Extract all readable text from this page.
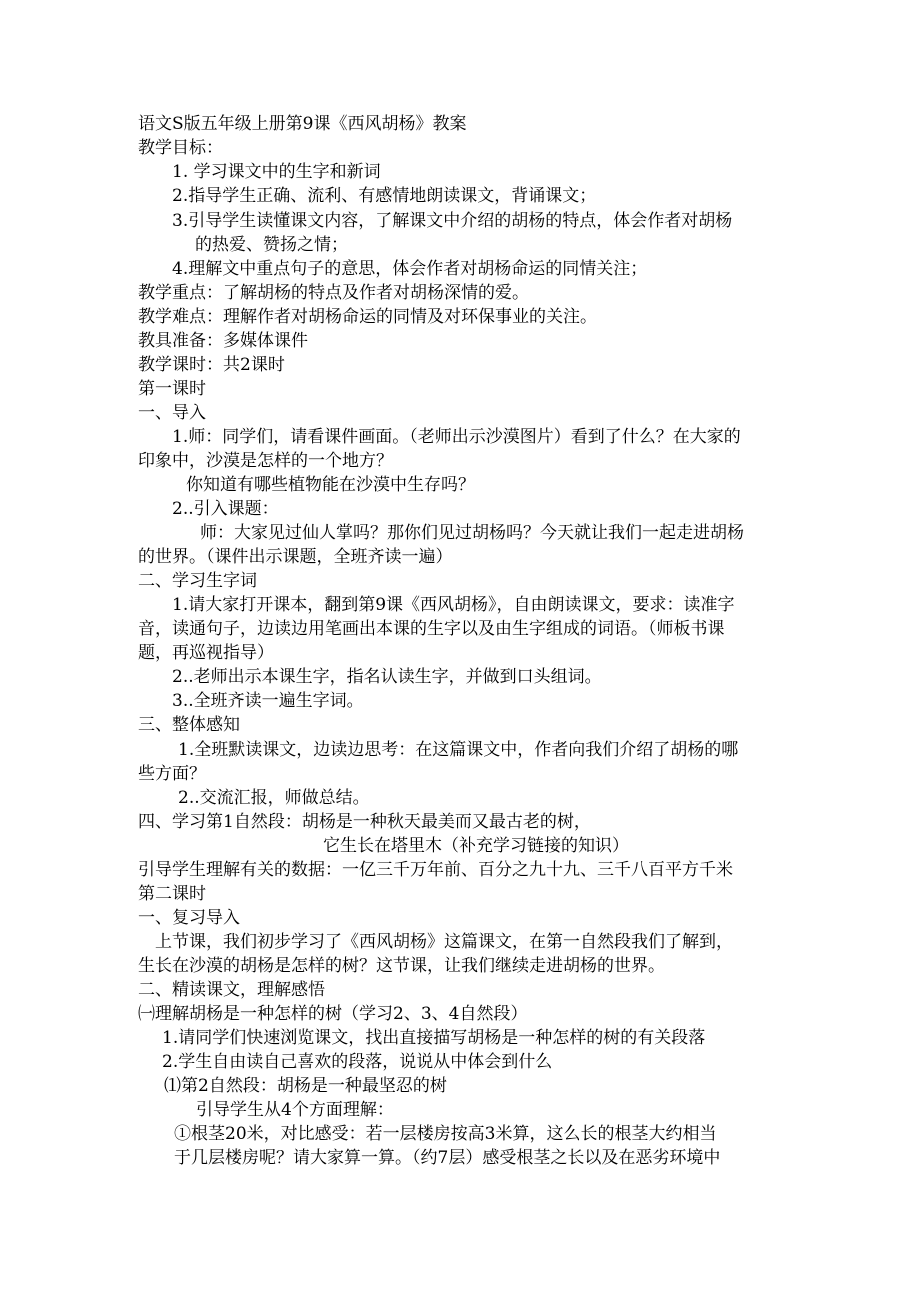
语文S版五年级上册第9课《西风胡杨》教案
教学目标：
1. 学习课文中的生字和新词
2.指导学生正确、流利、有感情地朗读课文，背诵课文；
3.引导学生读懂课文内容，了解课文中介绍的胡杨的特点，体会作者对胡杨
的热爱、赞扬之情；
4.理解文中重点句子的意思，体会作者对胡杨命运的同情关注；
教学重点：了解胡杨的特点及作者对胡杨深情的爱。
教学难点：理解作者对胡杨命运的同情及对环保事业的关注。
教具准备：多媒体课件
教学课时：共2课时
第一课时
一、导入
1.师：同学们，请看课件画面。（老师出示沙漠图片）看到了什么？在大家的
印象中，沙漠是怎样的一个地方？
你知道有哪些植物能在沙漠中生存吗？
2..引入课题：
师：大家见过仙人掌吗？那你们见过胡杨吗？今天就让我们一起走进胡杨
的世界。（课件出示课题，全班齐读一遍）
二、学习生字词
1.请大家打开课本，翻到第9课《西风胡杨》，自由朗读课文，要求：读准字
音，读通句子，边读边用笔画出本课的生字以及由生字组成的词语。（师板书课
题，再巡视指导）
2..老师出示本课生字，指名认读生字，并做到口头组词。
3..全班齐读一遍生字词。
三、整体感知
1.全班默读课文，边读边思考：在这篇课文中，作者向我们介绍了胡杨的哪
些方面？
2..交流汇报，师做总结。
四、学习第1自然段：胡杨是一种秋天最美而又最古老的树，
它生长在塔里木（补充学习链接的知识）
引导学生理解有关的数据：一亿三千万年前、百分之九十九、三千八百平方千米
第二课时
一、复习导入
上节课，我们初步学习了《西风胡杨》这篇课文，在第一自然段我们了解到，
生长在沙漠的胡杨是怎样的树？这节课，让我们继续走进胡杨的世界。
二、精读课文，理解感悟
㈠理解胡杨是一种怎样的树（学习2、3、4自然段）
1.请同学们快速浏览课文，找出直接描写胡杨是一种怎样的树的有关段落
2.学生自由读自己喜欢的段落，说说从中体会到什么
⑴第2自然段：胡杨是一种最坚忍的树
引导学生从4个方面理解：
①根茎20米，对比感受：若一层楼房按高3米算，这么长的根茎大约相当
于几层楼房呢？请大家算一算。（约7层）感受根茎之长以及在恶劣环境中
